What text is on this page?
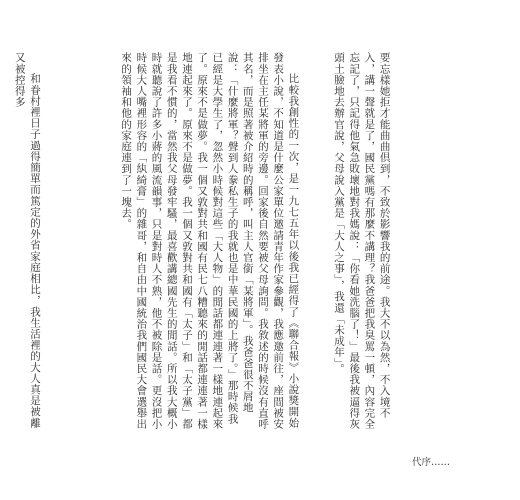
要忘樣她拒才能曲曲倶到，不致於影響我的前途。我大不以為然，不入境不入，講一聲就是了，國民黨嗎有那麼不講理？我爸爸把我臭罵一頓，內容完全忘記了，只記得他氣急敗壞地對我媽說：「你看她洗腦了！」最後我被逼得灰頭土臉地去辦官說，父母說入黨是「大人之事」，我還「未成年」。

比較我創性的一次，是一九七五年以後我已經得了《聯合報》小說獎開始發表小說，不知道是什麼公家單位邀請青年作家參觀，我應邀前往，座間被安排坐在主任某將軍的旁邊。回家後自然要被父母詢問。我敘述的時候沒有直呼其名，而是照著被介紹時的稱呼，叫主人官銜「某將軍」。我爸爸很不屑地說：「什麼將軍？聲到人豢私生子的我就也是中華民國的上將了。」那時候我已經是大學生了，忽然小時候對這些「大人物」的閒話都連連著一樣地連起來了。原來不是做夢。我一個又敦對共和國有民七八糟聽來的閒話都連連著一樣地連起來了。原來不是做夢。我一個又敦對共和國有「太子」和「太子黨」都是我看不慣的，當然我父母發牢騷，最喜歡講總國先生的閒話。所以我大概小時就聽說了許多小蔣的風流韻事，只是對時人不熟，他不被除是話。更沒把小時候大人嘴裡形容的「紈綺膏」的雜哥，和自由中國統治我們國民大會選舉出來的領袖和他的家庭連到了一塊去。

和眷村裡日子過得簡單而篤定的外省家庭相比，我生活裡的大人真是被離又被控得多

代序……
